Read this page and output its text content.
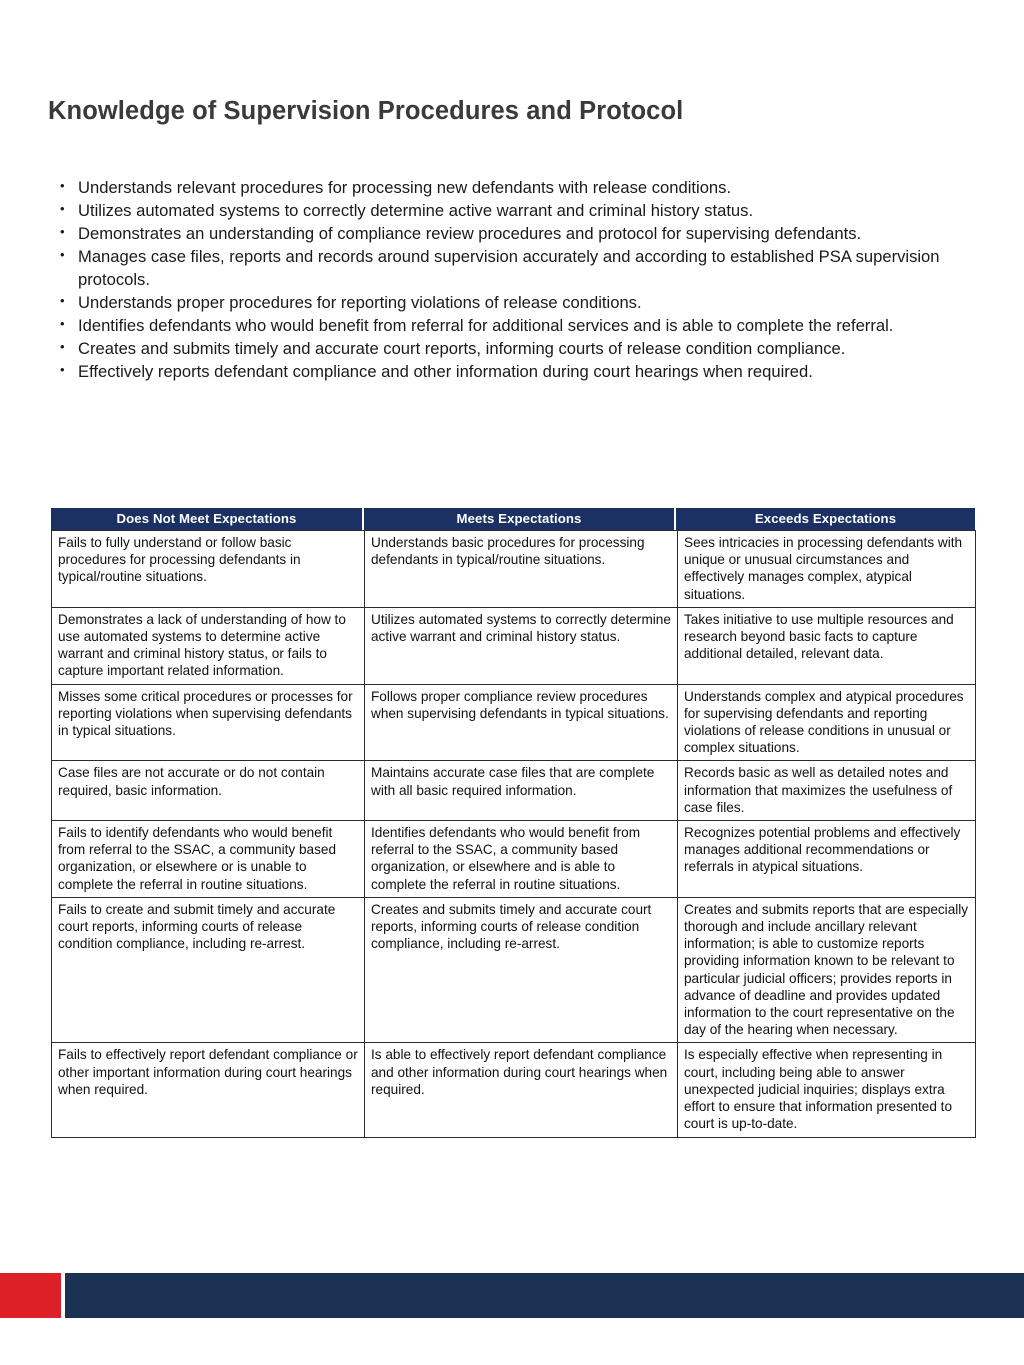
Knowledge of Supervision Procedures and Protocol
• Understands relevant procedures for processing new defendants with release conditions.
• Utilizes automated systems to correctly determine active warrant and criminal history status.
• Demonstrates an understanding of compliance review procedures and protocol for supervising defendants.
• Manages case files, reports and records around supervision accurately and according to established PSA supervision protocols.
• Understands proper procedures for reporting violations of release conditions.
• Identifies defendants who would benefit from referral for additional services and is able to complete the referral.
• Creates and submits timely and accurate court reports, informing courts of release condition compliance.
• Effectively reports defendant compliance and other information during court hearings when required.
Does Not Meet Expectations	Meets Expectations	Exceeds Expectations
Fails to fully understand or follow basic procedures for processing defendants in typical/routine situations.	Understands basic procedures for processing defendants in typical/routine situations.	Sees intricacies in processing defendants with unique or unusual circumstances and effectively manages complex, atypical situations.
Demonstrates a lack of understanding of how to use automated systems to determine active warrant and criminal history status, or fails to capture important related information.	Utilizes automated systems to correctly determine active warrant and criminal history status.	Takes initiative to use multiple resources and research beyond basic facts to capture additional detailed, relevant data.
Misses some critical procedures or processes for reporting violations when supervising defendants in typical situations.	Follows proper compliance review procedures when supervising defendants in typical situations.	Understands complex and atypical procedures for supervising defendants and reporting violations of release conditions in unusual or complex situations.
Case files are not accurate or do not contain required, basic information.	Maintains accurate case files that are complete with all basic required information.	Records basic as well as detailed notes and information that maximizes the usefulness of case files.
Fails to identify defendants who would benefit from referral to the SSAC, a community based organization, or elsewhere or is unable to complete the referral in routine situations.	Identifies defendants who would benefit from referral to the SSAC, a community based organization, or elsewhere and is able to complete the referral in routine situations.	Recognizes potential problems and effectively manages additional recommendations or referrals in atypical situations.
Fails to create and submit timely and accurate court reports, informing courts of release condition compliance, including re-arrest.	Creates and submits timely and accurate court reports, informing courts of release condition compliance, including re-arrest.	Creates and submits reports that are especially thorough and include ancillary relevant information; is able to customize reports providing information known to be relevant to particular judicial officers; provides reports in advance of deadline and provides updated information to the court representative on the day of the hearing when necessary.
Fails to effectively report defendant compliance or other important information during court hearings when required.	Is able to effectively report defendant compliance and other information during court hearings when required.	Is especially effective when representing in court, including being able to answer unexpected judicial inquiries; displays extra effort to ensure that information presented to court is up-to-date.
